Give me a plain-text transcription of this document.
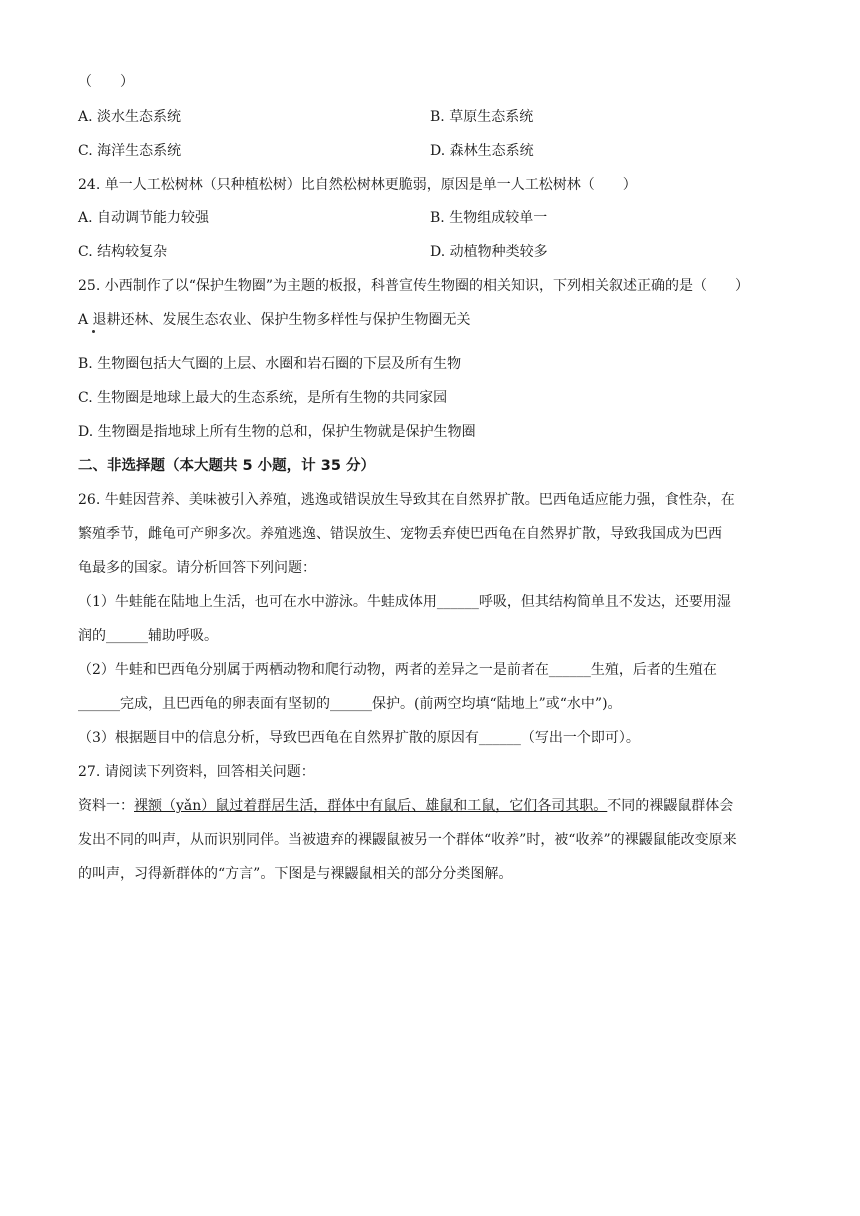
（　　）
A. 淡水生态系统	B. 草原生态系统
C. 海洋生态系统	D. 森林生态系统
24. 单一人工松树林（只种植松树）比自然松树林更脆弱，原因是单一人工松树林（　　）
A. 自动调节能力较强	B. 生物组成较单一
C. 结构较复杂	D. 动植物种类较多
25. 小西制作了以“保护生物圈”为主题的板报，科普宣传生物圈的相关知识，下列相关叙述正确的是（　　）
A 退耕还林、发展生态农业、保护生物多样性与保护生物圈无关
B. 生物圈包括大气圈的上层、水圈和岩石圈的下层及所有生物
C. 生物圈是地球上最大的生态系统，是所有生物的共同家园
D. 生物圈是指地球上所有生物的总和，保护生物就是保护生物圈
二、非选择题（本大题共 5 小题，计 35 分）
26. 牛蛙因营养、美味被引入养殖，逃逸或错误放生导致其在自然界扩散。巴西龟适应能力强，食性杂，在
繁殖季节，雌龟可产卵多次。养殖逃逸、错误放生、宠物丢弃使巴西龟在自然界扩散，导致我国成为巴西
龟最多的国家。请分析回答下列问题：
（1）牛蛙能在陆地上生活，也可在水中游泳。牛蛙成体用______呼吸，但其结构简单且不发达，还要用湿
润的______辅助呼吸。
（2）牛蛙和巴西龟分别属于两栖动物和爬行动物，两者的差异之一是前者在______生殖，后者的生殖在
______完成，且巴西龟的卵表面有坚韧的______保护。(前两空均填“陆地上”或“水中”)。
（3）根据题目中的信息分析，导致巴西龟在自然界扩散的原因有______（写出一个即可）。
27. 请阅读下列资料，回答相关问题：
资料一：裸额（yǎn）鼠过着群居生活，群体中有鼠后、雄鼠和工鼠，它们各司其职。不同的裸鼹鼠群体会
发出不同的叫声，从而识别同伴。当被遗弃的裸鼹鼠被另一个群体“收养”时，被“收养”的裸鼹鼠能改变原来
的叫声，习得新群体的“方言”。下图是与裸鼹鼠相关的部分分类图解。
